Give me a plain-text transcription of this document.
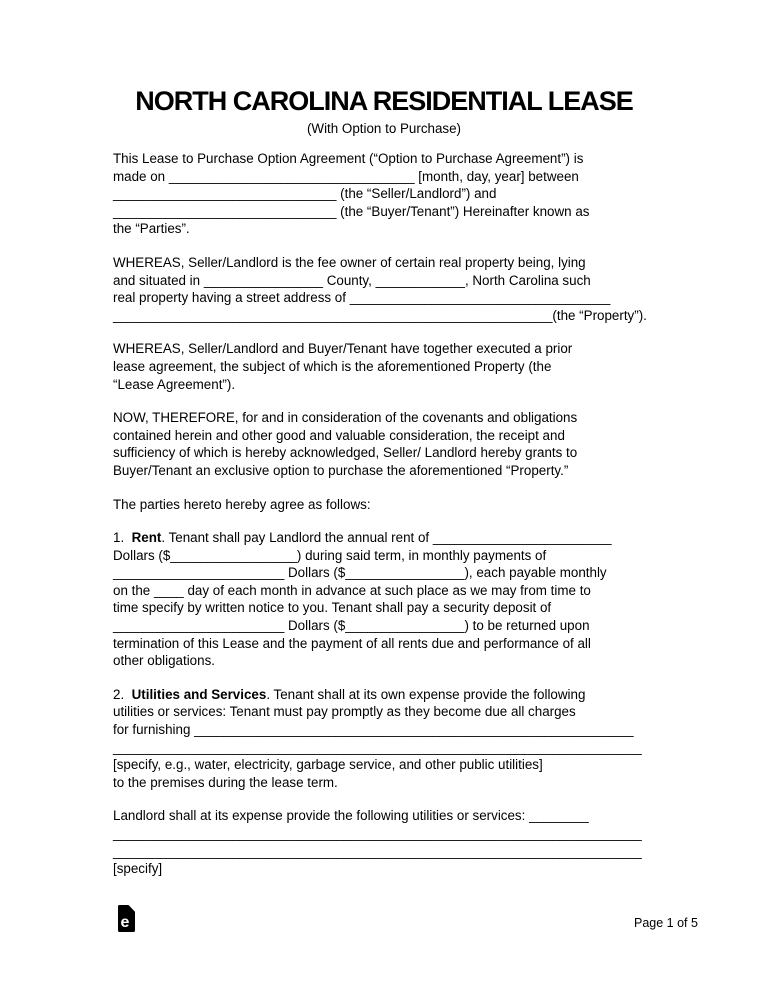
NORTH CAROLINA RESIDENTIAL LEASE
(With Option to Purchase)
This Lease to Purchase Option Agreement (“Option to Purchase Agreement”) is
made on _________________________________ [month, day, year] between
______________________________ (the “Seller/Landlord”) and
______________________________ (the “Buyer/Tenant”) Hereinafter known as
the “Parties”.
WHEREAS, Seller/Landlord is the fee owner of certain real property being, lying
and situated in ________________ County, ____________, North Carolina such
real property having a street address of ___________________________________
___________________________________________________________(the “Property”).
WHEREAS, Seller/Landlord and Buyer/Tenant have together executed a prior
lease agreement, the subject of which is the aforementioned Property (the
“Lease Agreement”).
NOW, THEREFORE, for and in consideration of the covenants and obligations
contained herein and other good and valuable consideration, the receipt and
sufficiency of which is hereby acknowledged, Seller/ Landlord hereby grants to
Buyer/Tenant an exclusive option to purchase the aforementioned “Property.”
The parties hereto hereby agree as follows:
1.  Rent. Tenant shall pay Landlord the annual rent of ________________________
Dollars ($_________________) during said term, in monthly payments of
_______________________ Dollars ($________________), each payable monthly
on the ____ day of each month in advance at such place as we may from time to
time specify by written notice to you. Tenant shall pay a security deposit of
_______________________ Dollars ($________________) to be returned upon
termination of this Lease and the payment of all rents due and performance of all
other obligations.
2.  Utilities and Services. Tenant shall at its own expense provide the following
utilities or services: Tenant must pay promptly as they become due all charges
for furnishing ___________________________________________________________
_______________________________________________________________________
[specify, e.g., water, electricity, garbage service, and other public utilities]
to the premises during the lease term.
Landlord shall at its expense provide the following utilities or services: ________
_______________________________________________________________________
_______________________________________________________________________
[specify]
e	Page 1 of 5
